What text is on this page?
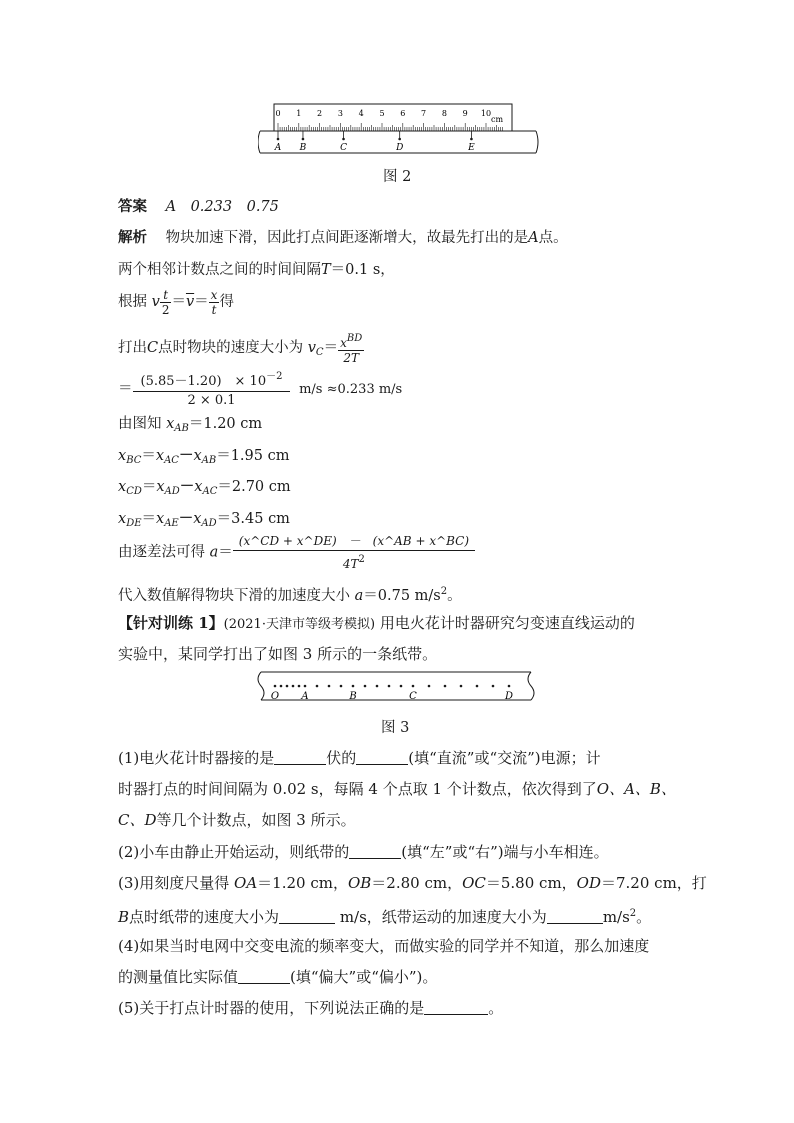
0 1 2 3 4 5 6 7 8 9 10
cm
A B	C	D	E
图 2
答案 A　0.233　0.75
解析 物块加速下滑，因此打点间距逐渐增大，故最先打出的是A点。
两个相邻计数点之间的时间间隔T＝0.1 s，
根据 v $\frac{t}{2} =\overline{v}= \frac{x}{t}$ 得
打出C点时物块的速度大小为 $v_C= \frac{x^{BD}}{2T}$
＝ $\frac{(5.85-1.20) \times 10^{-2}}{2 \times 0.1} m/s \approx 0.233$ m/s
由图知 $x_{AB}=1.20$ cm
$x_{BC}=x_{AC}-x_{AB}=1.95$ cm
$x_{CD}=x_{AD}-x_{AC}=2.70$ cm
$x_{DE}=x_{AE}-x_{AD}=3.45$ cm
由逐差法可得 $a= \frac{(x\^{}CD + x\^{}DE) - (x\^{}AB + x\^{}BC)}{4T^2}$
代入数值解得物块下滑的加速度大小 a＝0.75 $m/s^2$。
【针对训练 1】(2021·天津市等级考模拟) 用电火花计时器研究匀变速直线运动的
实验中，某同学打出了如图 3 所示的一条纸带。
O A	B	C	D
图 3
(1)电火花计时器接的是	伏的	(填“直流”或“交流”)电源；计
时器打点的时间间隔为 0.02 s，每隔 4 个点取 1 个计数点，依次得到了O、A、B、
C、D等几个计数点，如图 3 所示。
(2)小车由静止开始运动，则纸带的	(填“左”或“右”)端与小车相连。
(3)用刻度尺量得 OA＝1.20 cm，OB＝2.80 cm，OC＝5.80 cm，OD＝7.20 cm，打
B点时纸带的速度大小为	m/s，纸带运动的加速度大小为	$m/s^2$。
(4)如果当时电网中交变电流的频率变大，而做实验的同学并不知道，那么加速度
的测量值比实际值	(填“偏大”或“偏小”)。
(5)关于打点计时器的使用，下列说法正确的是	。
